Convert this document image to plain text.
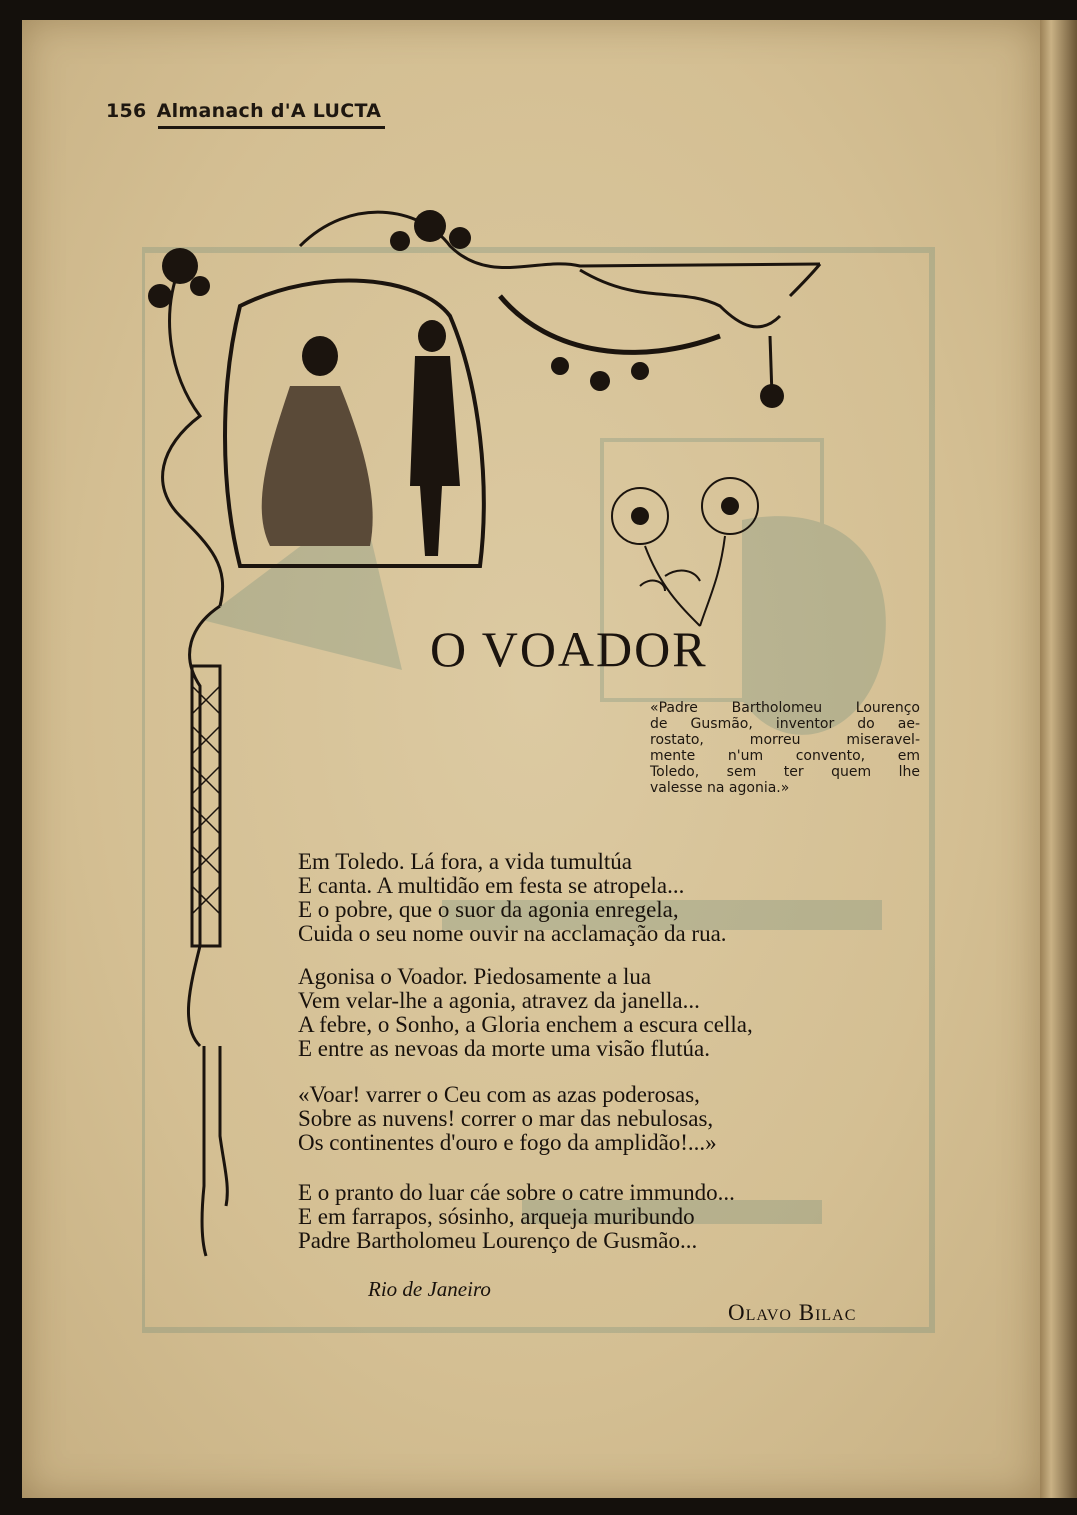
156 Almanach d'A LUCTA
O VOADOR
«Padre Bartholomeu Lourenço
de Gusmão, inventor do ae-
rostato, morreu miseravel-
mente n'um convento, em
Toledo, sem ter quem lhe
valesse na agonia.»
Em Toledo. Lá fora, a vida tumultúa
E canta. A multidão em festa se atropela...
E o pobre, que o suor da agonia enregela,
Cuida o seu nome ouvir na acclamação da rua.
Agonisa o Voador. Piedosamente a lua
Vem velar-lhe a agonia, atravez da janella...
A febre, o Sonho, a Gloria enchem a escura cella,
E entre as nevoas da morte uma visão flutúa.
«Voar! varrer o Ceu com as azas poderosas,
Sobre as nuvens! correr o mar das nebulosas,
Os continentes d'ouro e fogo da amplidão!...»
E o pranto do luar cáe sobre o catre immundo...
E em farrapos, sósinho, arqueja muribundo
Padre Bartholomeu Lourenço de Gusmão...
Rio de Janeiro
Olavo Bilac
